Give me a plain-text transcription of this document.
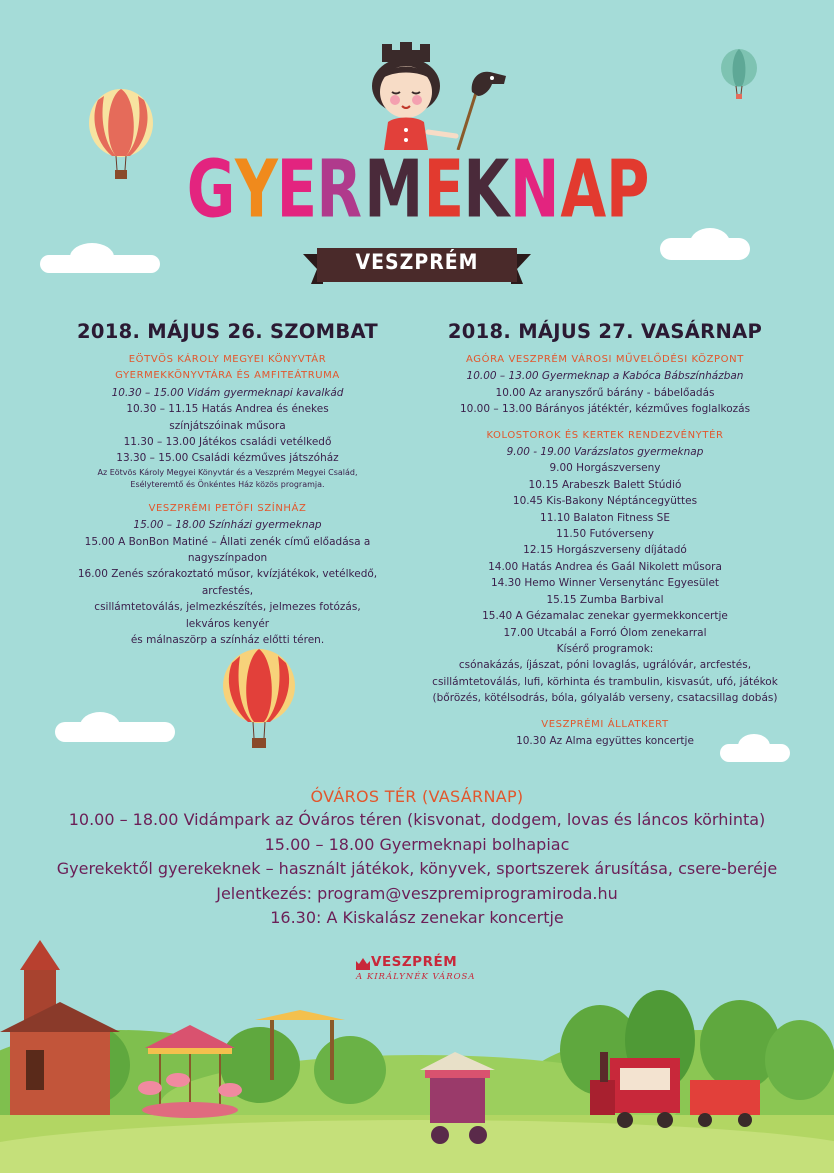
GYERMEKNAP
VESZPRÉM
2018. MÁJUS 26. SZOMBAT
EÖTVÖS KÁROLY MEGYEI KÖNYVTÁR
GYERMEKKÖNYVTÁRA ÉS AMFITEÁTRUMA
10.30 – 15.00 Vidám gyermeknapi kavalkád
10.30 – 11.15 Hatás Andrea és énekes
színjátszóinak műsora
11.30 – 13.00 Játékos családi vetélkedő
13.30 – 15.00 Családi kézműves játszóház
Az Eötvös Károly Megyei Könyvtár és a Veszprém Megyei Család,
Esélyteremtő és Önkéntes Ház közös programja.
VESZPRÉMI PETŐFI SZÍNHÁZ
15.00 – 18.00 Színházi gyermeknap
15.00 A BonBon Matiné – Állati zenék című előadása a nagyszínpadon
16.00 Zenés szórakoztató műsor, kvízjátékok, vetélkedő, arcfestés,
csillámtetoválás, jelmezkészítés, jelmezes fotózás, lekváros kenyér
és málnaszörp a színház előtti téren.
2018. MÁJUS 27. VASÁRNAP
AGÓRA VESZPRÉM VÁROSI MŰVELŐDÉSI KÖZPONT
10.00 – 13.00 Gyermeknap a Kabóca Bábszínházban
10.00 Az aranyszőrű bárány - bábelőadás
10.00 – 13.00 Bárányos játéktér, kézműves foglalkozás
KOLOSTOROK ÉS KERTEK RENDEZVÉNYTÉR
9.00 - 19.00 Varázslatos gyermeknap
9.00 Horgászverseny
10.15 Arabeszk Balett Stúdió
10.45 Kis-Bakony Néptáncegyüttes
11.10 Balaton Fitness SE
11.50 Futóverseny
12.15 Horgászverseny díjátadó
14.00 Hatás Andrea és Gaál Nikolett műsora
14.30 Hemo Winner Versenytánc Egyesület
15.15 Zumba Barbival
15.40 A Gézamalac zenekar gyermekkoncertje
17.00 Utcabál a Forró Ólom zenekarral
Kísérő programok:
csónakázás, íjászat, póni lovaglás, ugrálóvár, arcfestés,
csillámtetoválás, lufi, körhinta és trambulin, kisvasút, ufó, játékok
(bőrözés, kötélsodrás, bóla, gólyaláb verseny, csatacsillag dobás)
VESZPRÉMI ÁLLATKERT
10.30 Az Alma együttes koncertje
ÓVÁROS TÉR (VASÁRNAP)
10.00 – 18.00 Vidámpark az Óváros téren (kisvonat, dodgem, lovas és láncos körhinta)
15.00 – 18.00 Gyermeknapi bolhapiac
Gyerekektől gyerekeknek – használt játékok, könyvek, sportszerek árusítása, csere-beréje
Jelentkezés: program@veszpremiprogramiroda.hu
16.30: A Kiskalász zenekar koncertje
VESZPRÉM
A KIRÁLYNÉK VÁROSA
